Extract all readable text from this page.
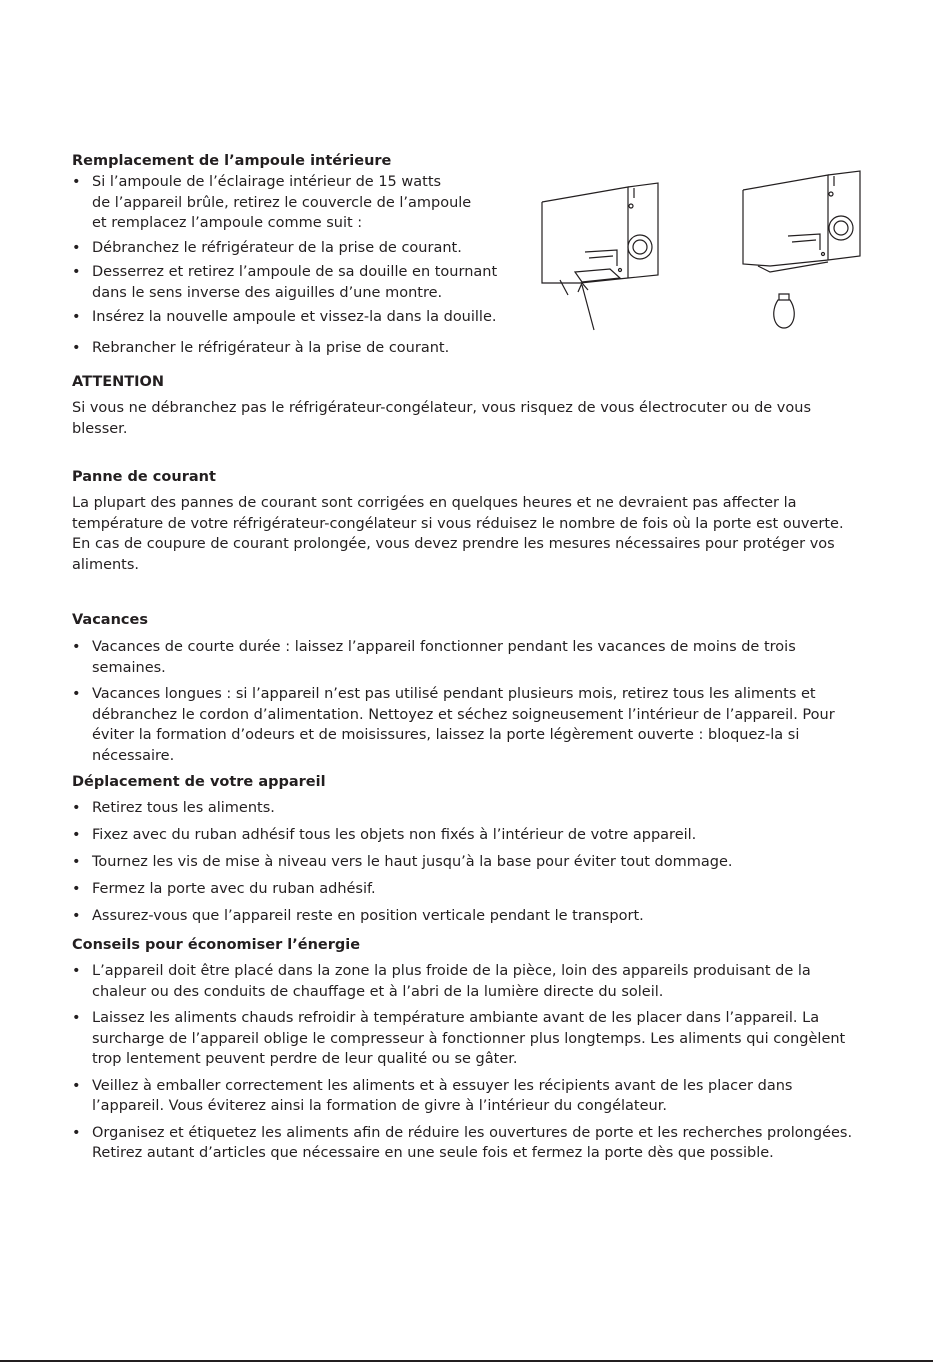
Remplacement de l’ampoule intérieure

• Si l’ampoule de l’éclairage intérieur de 15 watts
de l’appareil brûle, retirez le couvercle de l’ampoule
et remplacez l’ampoule comme suit :
• Débranchez le réfrigérateur de la prise de courant.
• Desserrez et retirez l’ampoule de sa douille en tournant
dans le sens inverse des aiguilles d’une montre.
• Insérez la nouvelle ampoule et vissez-la dans la douille.
• Rebrancher le réfrigérateur à la prise de courant.

ATTENTION

Si vous ne débranchez pas le réfrigérateur-congélateur, vous risquez de vous électrocuter ou de vous blesser.

Panne de courant

La plupart des pannes de courant sont corrigées en quelques heures et ne devraient pas affecter la température de votre réfrigérateur-congélateur si vous réduisez le nombre de fois où la porte est ouverte. En cas de coupure de courant prolongée, vous devez prendre les mesures nécessaires pour protéger vos aliments.

Vacances

• Vacances de courte durée : laissez l’appareil fonctionner pendant les vacances de moins de trois semaines.
• Vacances longues : si l’appareil n’est pas utilisé pendant plusieurs mois, retirez tous les aliments et débranchez le cordon d’alimentation. Nettoyez et séchez soigneusement l’intérieur de l’appareil. Pour éviter la formation d’odeurs et de moisissures, laissez la porte légèrement ouverte : bloquez-la si nécessaire.

Déplacement de votre appareil

• Retirez tous les aliments.
• Fixez avec du ruban adhésif tous les objets non fixés à l’intérieur de votre appareil.
• Tournez les vis de mise à niveau vers le haut jusqu’à la base pour éviter tout dommage.
• Fermez la porte avec du ruban adhésif.
• Assurez-vous que l’appareil reste en position verticale pendant le transport.

Conseils pour économiser l’énergie

• L’appareil doit être placé dans la zone la plus froide de la pièce, loin des appareils produisant de la chaleur ou des conduits de chauffage et à l’abri de la lumière directe du soleil.
• Laissez les aliments chauds refroidir à température ambiante avant de les placer dans l’appareil. La surcharge de l’appareil oblige le compresseur à fonctionner plus longtemps. Les aliments qui congèlent trop lentement peuvent perdre de leur qualité ou se gâter.
• Veillez à emballer correctement les aliments et à essuyer les récipients avant de les placer dans l’appareil. Vous éviterez ainsi la formation de givre à l’intérieur du congélateur.
• Organisez et étiquetez les aliments afin de réduire les ouvertures de porte et les recherches prolongées. Retirez autant d’articles que nécessaire en une seule fois et fermez la porte dès que possible.
